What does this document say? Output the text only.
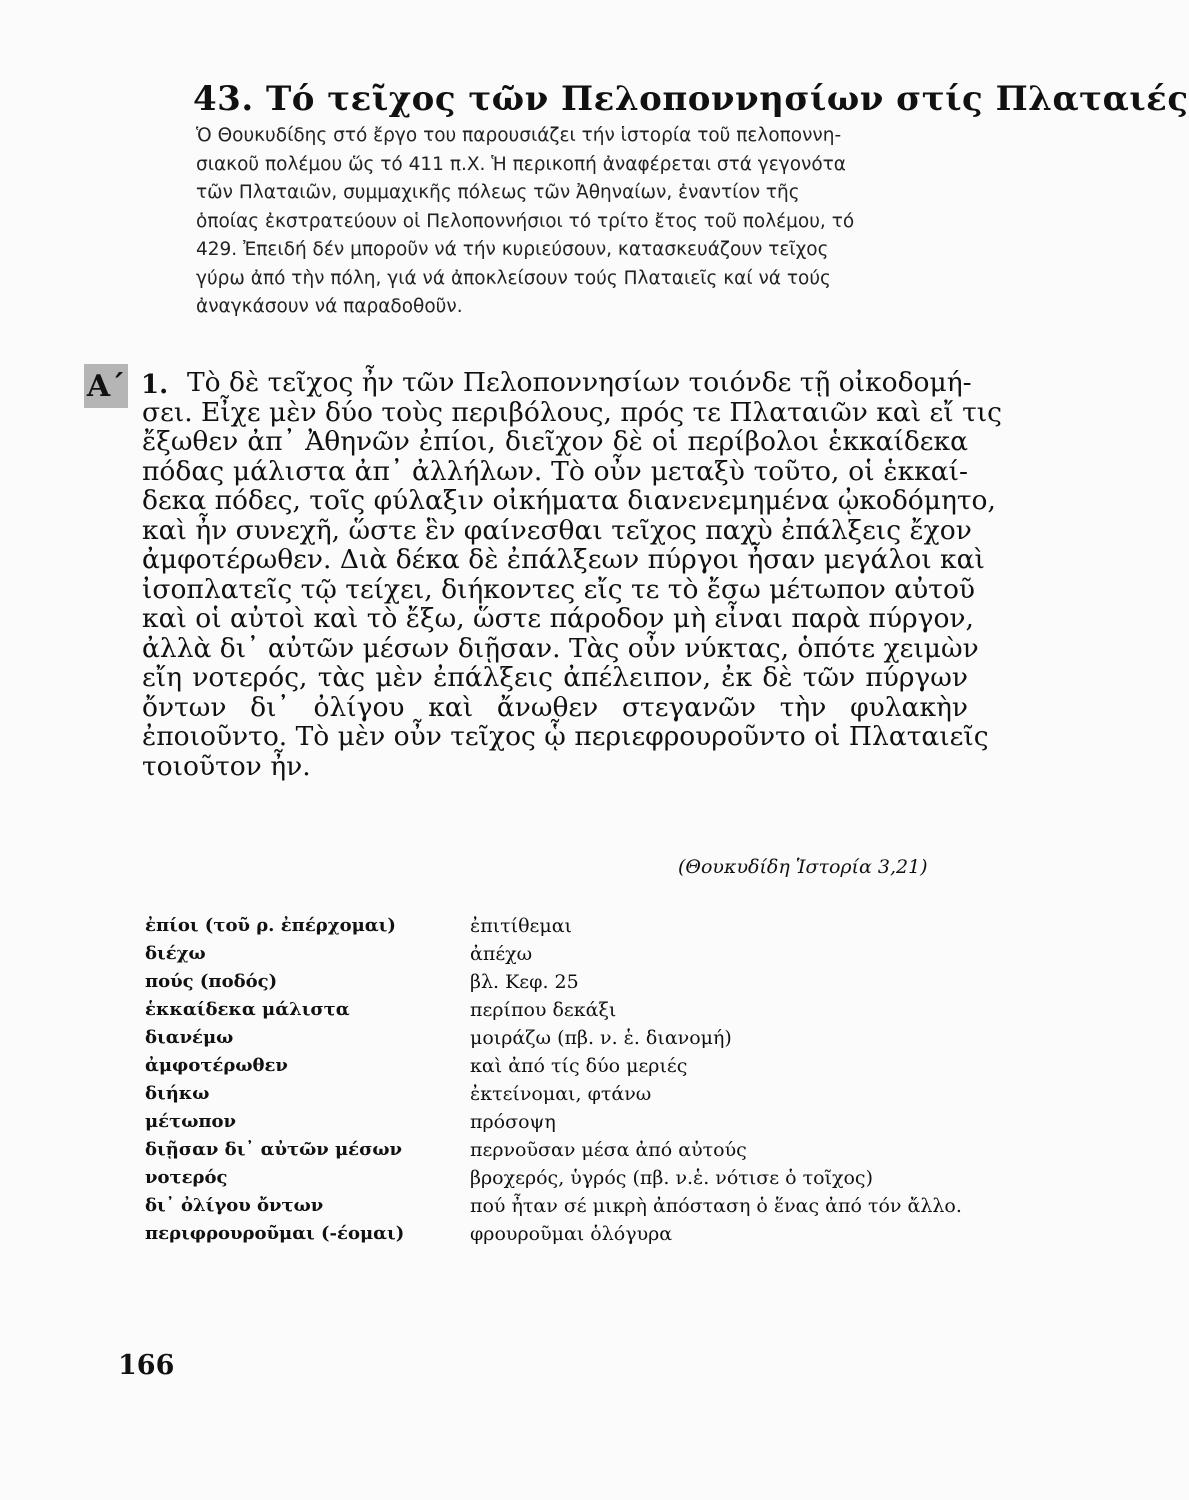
43. Τό τεῖχος τῶν Πελοποννησίων στίς Πλαταιές

Ὁ Θουκυδίδης στό ἔργο του παρουσιάζει τήν ἱστορία τοῦ πελοποννη-
σιακοῦ πολέμου ὥς τό 411 π.Χ. Ἡ περικοπή ἀναφέρεται στά γεγονότα
τῶν Πλαταιῶν, συμμαχικῆς πόλεως τῶν Ἀθηναίων, ἐναντίον τῆς
ὁποίας ἐκστρατεύουν οἱ Πελοποννήσιοι τό τρίτο ἔτος τοῦ πολέμου, τό
429. Ἐπειδή δέν μποροῦν νά τήν κυριεύσουν, κατασκευάζουν τεῖχος
γύρω ἀπό τὴν πόλη, γιά νά ἀποκλείσουν τούς Πλαταιεῖς καί νά τούς
ἀναγκάσουν νά παραδοθοῦν.

Α΄ 1. Τὸ δὲ τεῖχος ἦν τῶν Πελοποννησίων τοιόνδε τῇ οἰκοδομή-
σει. Εἶχε μὲν δύο τοὺς περιβόλους, πρός τε Πλαταιῶν καὶ εἴ τις
ἔξωθεν ἀπ᾽ Ἀθηνῶν ἐπίοι, διεῖχον δὲ οἱ περίβολοι ἑκκαίδεκα
πόδας μάλιστα ἀπ᾽ ἀλλήλων. Τὸ οὖν μεταξὺ τοῦτο, οἱ ἑκκαί-
δεκα πόδες, τοῖς φύλαξιν οἰκήματα διανενεμημένα ᾠκοδόμητο,
καὶ ἦν συνεχῆ, ὥστε ἓν φαίνεσθαι τεῖχος παχὺ ἐπάλξεις ἔχον
ἀμφοτέρωθεν. Διὰ δέκα δὲ ἐπάλξεων πύργοι ἦσαν μεγάλοι καὶ
ἰσοπλατεῖς τῷ τείχει, διήκοντες εἴς τε τὸ ἔσω μέτωπον αὐτοῦ
καὶ οἱ αὐτοὶ καὶ τὸ ἔξω, ὥστε πάροδον μὴ εἶναι παρὰ πύργον,
ἀλλὰ δι᾽ αὐτῶν μέσων διῇσαν. Τὰς οὖν νύκτας, ὁπότε χειμὼν
εἴη νοτερός, τὰς μὲν ἐπάλξεις ἀπέλειπον, ἐκ δὲ τῶν πύργων
ὄντων δι᾽ ὀλίγου καὶ ἄνωθεν στεγανῶν τὴν φυλακὴν
ἐποιοῦντο. Τὸ μὲν οὖν τεῖχος ᾧ περιεφρουροῦντο οἱ Πλαταιεῖς
τοιοῦτον ἦν.
(Θουκυδίδη Ἱστορία 3,21)
ἐπίοι (τοῦ ρ. ἐπέρχομαι)	ἐπιτίθεμαι
διέχω	ἀπέχω
πούς (ποδός)	βλ. Κεφ. 25
ἑκκαίδεκα μάλιστα	περίπου δεκάξι
διανέμω	μοιράζω (πβ. ν. ἑ. διανομή)
ἀμφοτέρωθεν	καὶ ἀπό τίς δύο μεριές
διήκω	ἐκτείνομαι, φτάνω
μέτωπον	πρόσοψη
διῇσαν δι᾽ αὐτῶν μέσων	περνοῦσαν μέσα ἀπό αὐτούς
νοτερός	βροχερός, ὑγρός (πβ. ν.ἑ. νότισε ὁ τοῖχος)
δι᾽ ὀλίγου ὄντων	πού ἦταν σέ μικρὴ ἀπόσταση ὁ ἕνας ἀπό τόν ἄλλο.
περιφρουροῦμαι (-έομαι)	φρουροῦμαι ὁλόγυρα
166
